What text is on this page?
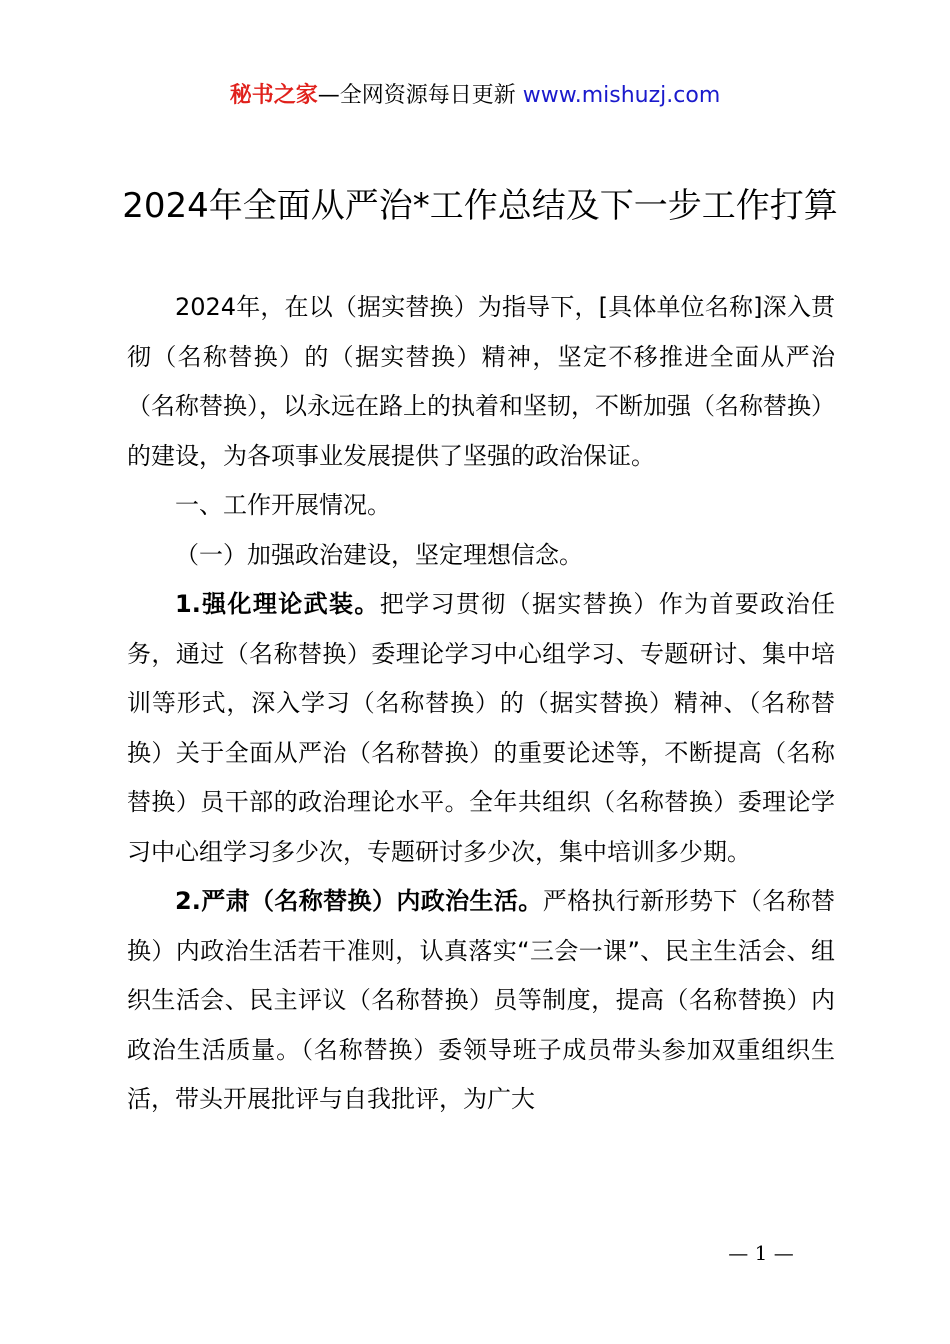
秘书之家—全网资源每日更新 www.mishuzj.com
2024年全面从严治*工作总结及下一步工作打算

2024年，在以（据实替换）为指导下，[具体单位名称]深入贯彻（名称替换）的（据实替换）精神，坚定不移推进全面从严治（名称替换），以永远在路上的执着和坚韧，不断加强（名称替换）的建设，为各项事业发展提供了坚强的政治保证。

一、工作开展情况。

（一）加强政治建设，坚定理想信念。

1.强化理论武装。把学习贯彻（据实替换）作为首要政治任务，通过（名称替换）委理论学习中心组学习、专题研讨、集中培训等形式，深入学习（名称替换）的（据实替换）精神、（名称替换）关于全面从严治（名称替换）的重要论述等，不断提高（名称替换）员干部的政治理论水平。全年共组织（名称替换）委理论学习中心组学习多少次，专题研讨多少次，集中培训多少期。

2.严肃（名称替换）内政治生活。严格执行新形势下（名称替换）内政治生活若干准则，认真落实“三会一课”、民主生活会、组织生活会、民主评议（名称替换）员等制度，提高（名称替换）内政治生活质量。（名称替换）委领导班子成员带头参加双重组织生活，带头开展批评与自我批评，为广大

— 1 —
